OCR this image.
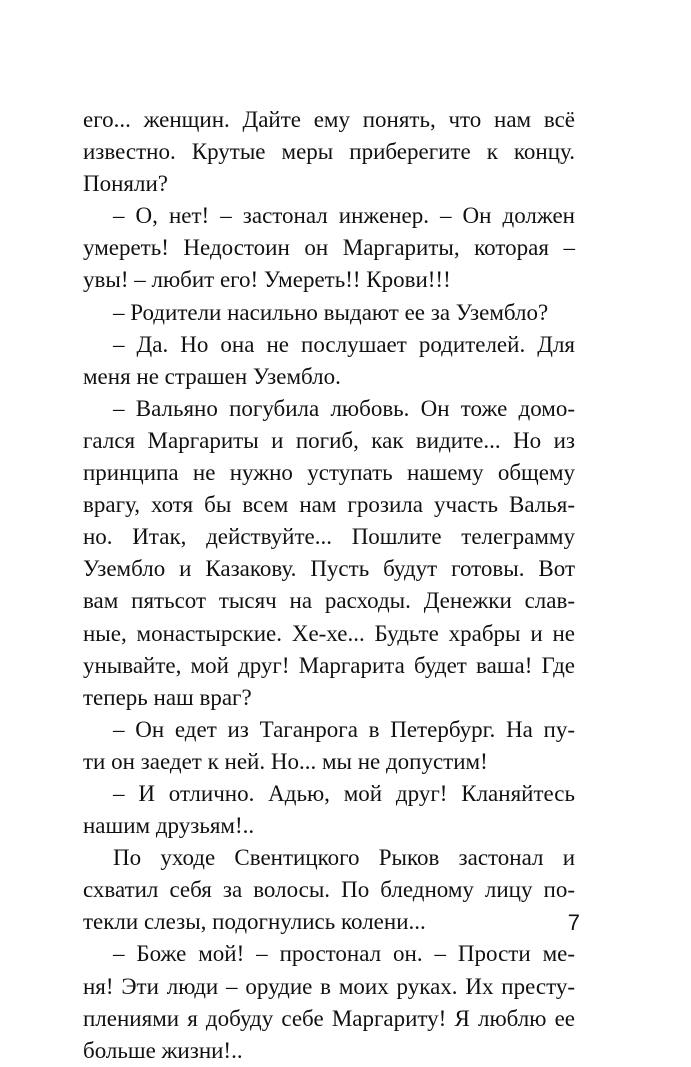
его... женщин. Дайте ему понять, что нам всё
известно. Крутые меры приберегите к концу.
Поняли?
– О, нет! – застонал инженер. – Он должен
умереть! Недостоин он Маргариты, которая –
увы! – любит его! Умереть!! Крови!!!
– Родители насильно выдают ее за Узембло?
– Да. Но она не послушает родителей. Для
меня не страшен Узембло.
– Вальяно погубила любовь. Он тоже домо-
гался Маргариты и погиб, как видите... Но из
принципа не нужно уступать нашему общему
врагу, хотя бы всем нам грозила участь Валья-
но. Итак, действуйте... Пошлите телеграмму
Уземблo и Казакову. Пусть будут готовы. Вот
вам пятьсот тысяч на расходы. Денежки слав-
ные, монастырские. Хе-хе... Будьте храбры и не
унывайте, мой друг! Маргарита будет ваша! Где
теперь наш враг?
– Он едет из Таганрога в Петербург. На пу-
ти он заедет к ней. Но... мы не допустим!
– И отлично. Адью, мой друг! Кланяйтесь
нашим друзьям!..
По уходе Свентицкого Рыков застонал и
схватил себя за волосы. По бледному лицу по-
текли слезы, подогнулись колени...
– Боже мой! – простонал он. – Прости ме-
ня! Эти люди – орудие в моих руках. Их престу-
плениями я добуду себе Маргариту! Я люблю ее
больше жизни!..
7
